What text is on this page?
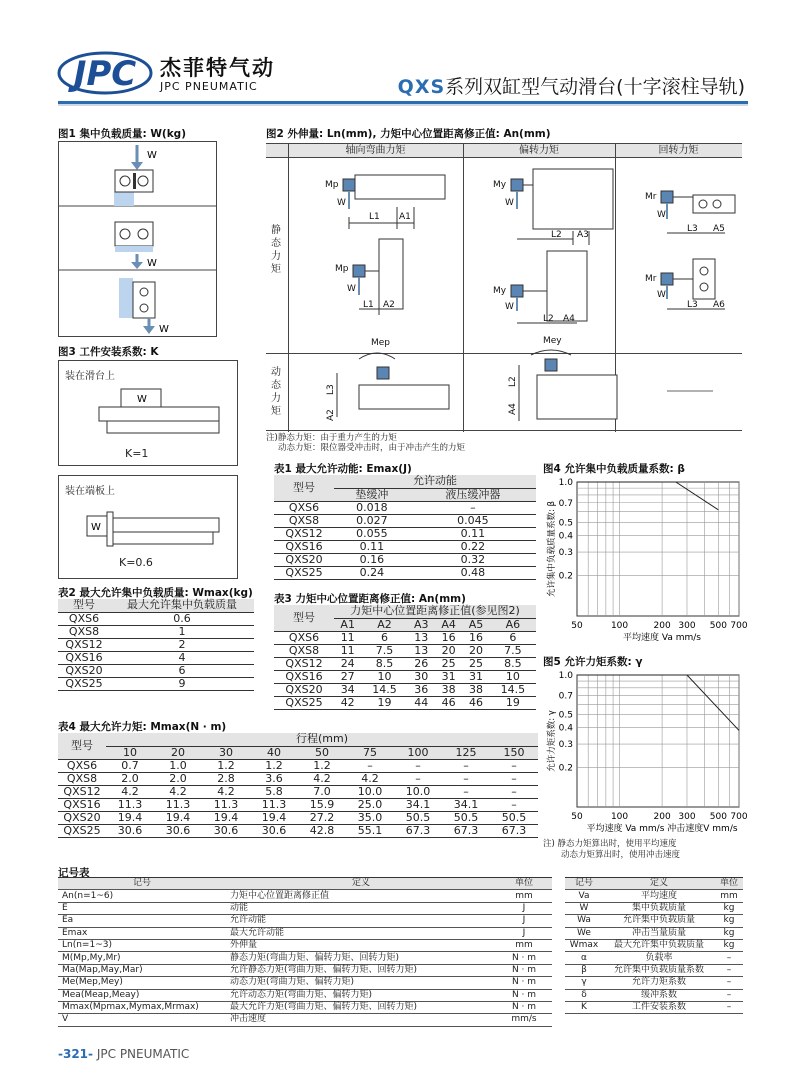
JPC 杰菲特气动
JPC PNEUMATIC	QXS系列双缸型气动滑台(十字滚柱导轨)
图1 集中负载质量: W(kg)
W
W
W
图3 工件安装系数: K
装在滑台上
W
K=1
装在端板上
W
K=0.6
表2 最大允许集中负载质量: Wmax(kg)
型号	最大允许集中负载质量
QXS6	0.6
QXS8	1
QXS12	2
QXS16	4
QXS20	6
QXS25	9
图2 外伸量: Ln(mm), 力矩中心位置距离修正值: An(mm)
轴向弯曲力矩	偏转力矩	回转力矩
静态力矩
动态力矩
Mp
W
L1 A1
Mp
W
L1 A2
My
W
L2 A3
My
W
L2 A4
Mr
W
L3 A5
Mr
W
L3 A6
Mep	Mey
L3
A2
L2
A4
注)静态力矩：由于重力产生的力矩
动态力矩：限位器受冲击时，由于冲击产生的力矩
表1 最大允许动能: Emax(J)
型号	允许动能	
	垫缓冲	液压缓冲器
QXS6	0.018	–
QXS8	0.027	0.045
QXS12	0.055	0.11
QXS16	0.11	0.22
QXS20	0.16	0.32
QXS25	0.24	0.48
表3 力矩中心位置距离修正值: An(mm)
型号	力矩中心位置距离修正值(参见图2)					
	A1	A2	A3	A4	A5	A6
QXS6	11	6	13	16	16	6
QXS8	11	7.5	13	20	20	7.5
QXS12	24	8.5	26	25	25	8.5
QXS16	27	10	30	31	31	10
QXS20	34	14.5	36	38	38	14.5
QXS25	42	19	44	46	46	19
表4 最大允许力矩: Mmax(N · m)
型号	行程(mm)								
	10	20	30	40	50	75	100	125	150
QXS6	0.7	1.0	1.2	1.2	1.2	–	–	–	–
QXS8	2.0	2.0	2.8	3.6	4.2	4.2	–	–	–
QXS12	4.2	4.2	4.2	5.8	7.0	10.0	10.0	–	–
QXS16	11.3	11.3	11.3	11.3	15.9	25.0	34.1	34.1	–
QXS20	19.4	19.4	19.4	19.4	27.2	35.0	50.5	50.5	50.5
QXS25	30.6	30.6	30.6	30.6	42.8	55.1	67.3	67.3	67.3
图4 允许集中负载质量系数: β
50	100	200 300 500 700
1.0
0.7
0.5
0.4
0.3
0.2
平均速度 Va mm/s
允许集中负载质量系数: β
图5 允许力矩系数: γ
50	100	200 300 500 700
1.0
0.7
0.5
0.4
0.3
0.2
平均速度 Va mm/s 冲击速度V mm/s
允许力矩系数: γ
注) 静态力矩算出时，使用平均速度
动态力矩算出时，使用冲击速度
记号表
记号	定义	单位
An(n=1~6)	力矩中心位置距离修正值	mm
E	动能	J
Ea	允许动能	J
Emax	最大允许动能	J
Ln(n=1~3)	外伸量	mm
M(Mp,My,Mr)	静态力矩(弯曲力矩、偏转力矩、回转力矩)	N · m
Ma(Map,May,Mar)	允许静态力矩(弯曲力矩、偏转力矩、回转力矩)	N · m
Me(Mep,Mey)	动态力矩(弯曲力矩、偏转力矩)	N · m
Mea(Meap,Meay)	允许动态力矩(弯曲力矩、偏转力矩)	N · m
Mmax(Mpmax,Mymax,Mrmax)	最大允许力矩(弯曲力矩、偏转力矩、回转力矩)	N · m
V	冲击速度	mm/s
记号	定义	单位
Va	平均速度	mm
W	集中负载质量	kg
Wa	允许集中负载质量	kg
We	冲击当量质量	kg
Wmax	最大允许集中负载质量	kg
α	负载率	–
β	允许集中负载质量系数	–
γ	允许力矩系数	–
δ	缓冲系数	–
K	工件安装系数	–
-321- JPC PNEUMATIC
